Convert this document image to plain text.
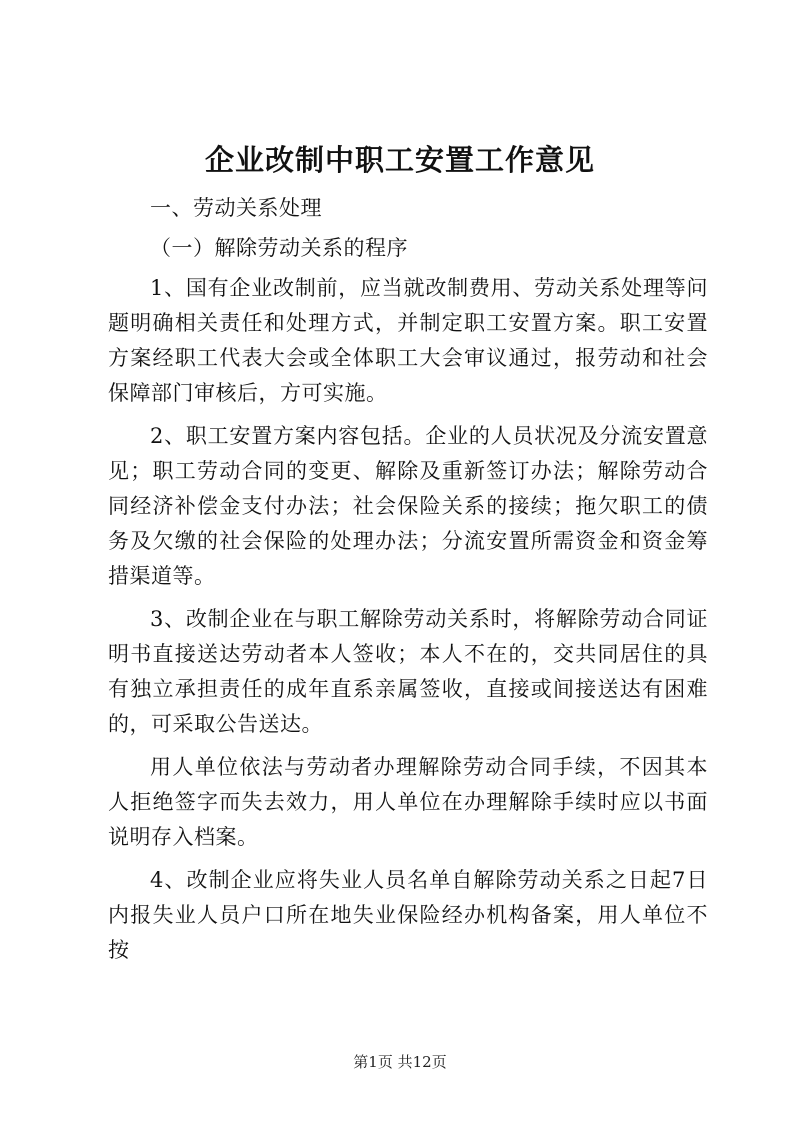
企业改制中职工安置工作意见

一、劳动关系处理

（一）解除劳动关系的程序

1、国有企业改制前，应当就改制费用、劳动关系处理等问题明确相关责任和处理方式，并制定职工安置方案。职工安置方案经职工代表大会或全体职工大会审议通过，报劳动和社会保障部门审核后，方可实施。

2、职工安置方案内容包括。企业的人员状况及分流安置意见；职工劳动合同的变更、解除及重新签订办法；解除劳动合同经济补偿金支付办法；社会保险关系的接续；拖欠职工的债务及欠缴的社会保险的处理办法；分流安置所需资金和资金筹措渠道等。

3、改制企业在与职工解除劳动关系时，将解除劳动合同证明书直接送达劳动者本人签收；本人不在的，交共同居住的具有独立承担责任的成年直系亲属签收，直接或间接送达有困难的，可采取公告送达。

用人单位依法与劳动者办理解除劳动合同手续，不因其本人拒绝签字而失去效力，用人单位在办理解除手续时应以书面说明存入档案。

4、改制企业应将失业人员名单自解除劳动关系之日起7日内报失业人员户口所在地失业保险经办机构备案，用人单位不按

第1页 共12页
